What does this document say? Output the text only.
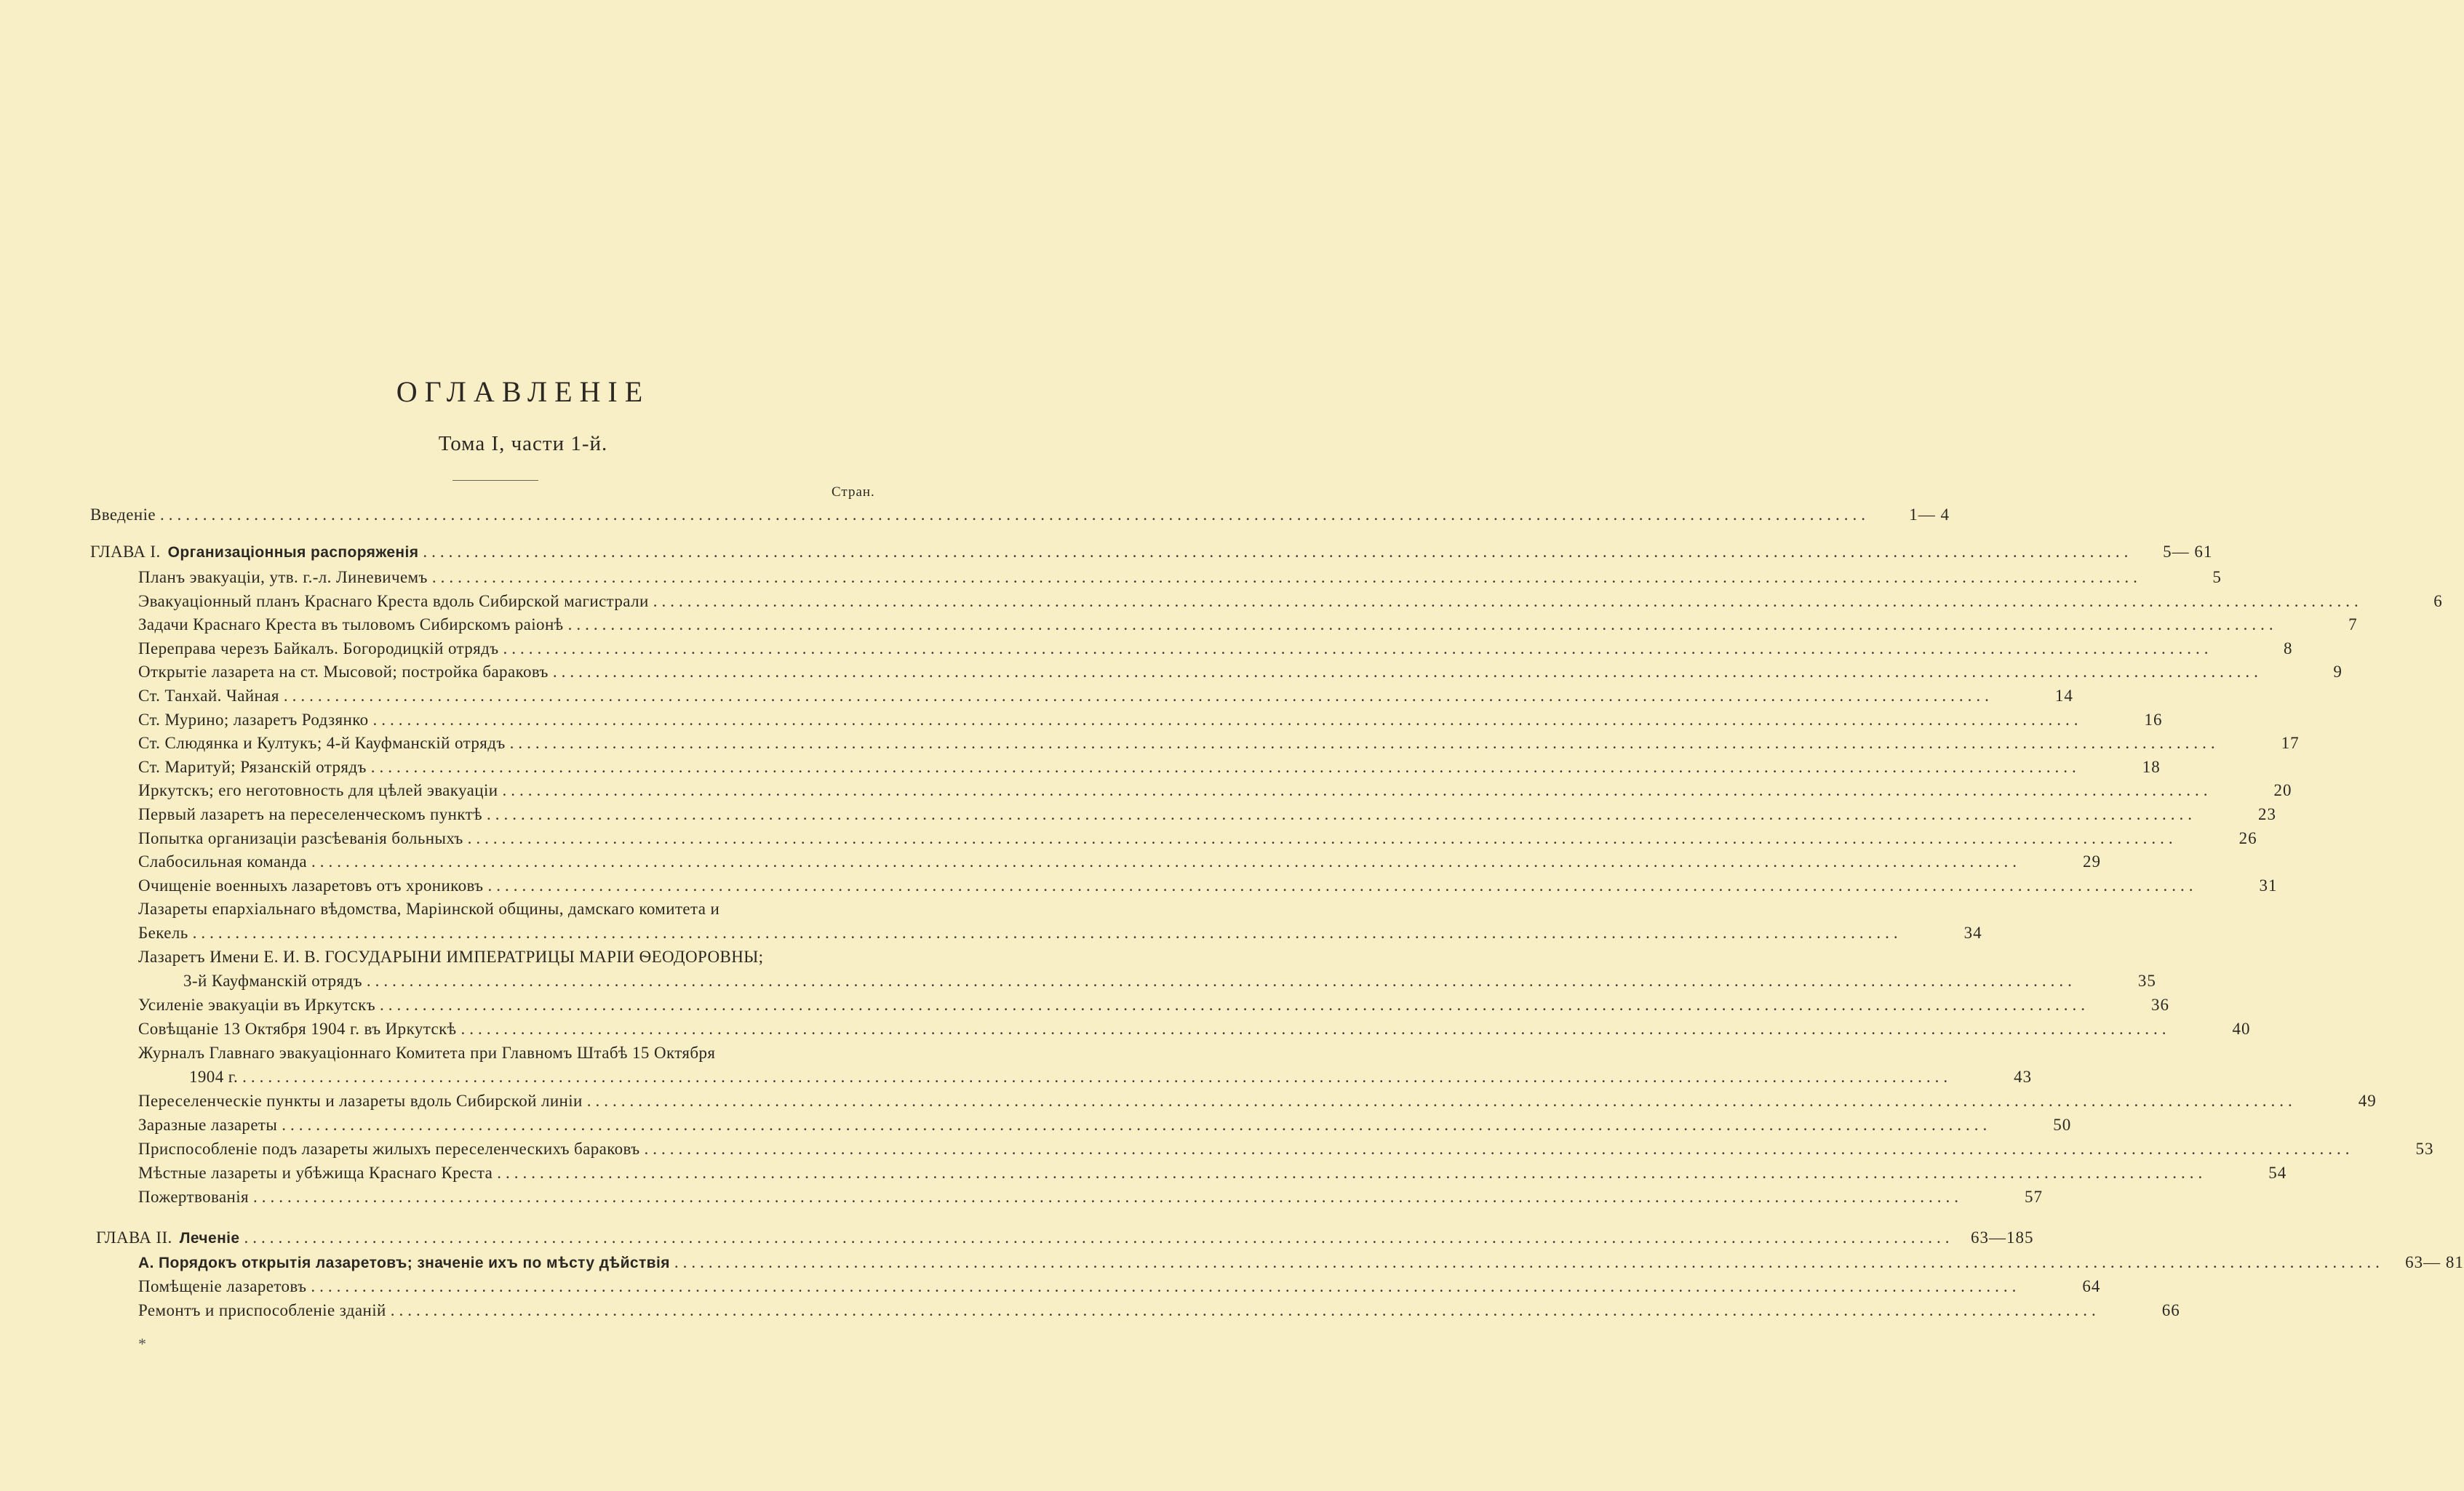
ОГЛАВЛЕНІЕ

Тома I, части 1-й.

Стран.
Введеніе ........................................................................................................................................................................................................	1— 4
ГЛАВА I. Организаціонныя распоряженія ........................................................................................................................................................................................................	5— 61
Планъ эвакуаціи, утв. г.-л. Линевичемъ ........................................................................................................................................................................................................	5
Эвакуаціонный планъ Краснаго Креста вдоль Сибирской магистрали ........................................................................................................................................................................................................	6
Задачи Краснаго Креста въ тыловомъ Сибирскомъ раіонѣ ........................................................................................................................................................................................................	7
Переправа черезъ Байкалъ. Богородицкій отрядъ ........................................................................................................................................................................................................	8
Открытіе лазарета на ст. Мысовой; постройка бараковъ ........................................................................................................................................................................................................	9
Ст. Танхай. Чайная ........................................................................................................................................................................................................	14
Ст. Мурино; лазаретъ Родзянко ........................................................................................................................................................................................................	16
Ст. Слюдянка и Култукъ; 4-й Кауфманскій отрядъ ........................................................................................................................................................................................................	17
Ст. Маритуй; Рязанскій отрядъ ........................................................................................................................................................................................................	18
Иркутскъ; его неготовность для цѣлей эвакуаціи ........................................................................................................................................................................................................	20
Первый лазаретъ на переселенческомъ пунктѣ ........................................................................................................................................................................................................	23
Попытка организаціи разсѣеванія больныхъ ........................................................................................................................................................................................................	26
Слабосильная команда ........................................................................................................................................................................................................	29
Очищеніе военныхъ лазаретовъ отъ хрониковъ ........................................................................................................................................................................................................	31
Лазареты епархіальнаго вѣдомства, Маріинской общины, дамскаго комитета и
Бекель ........................................................................................................................................................................................................	34
Лазаретъ Имени Е. И. В. ГОСУДАРЫНИ ИМПЕРАТРИЦЫ МАРІИ ѲЕОДОРОВНЫ;
3-й Кауфманскій отрядъ ........................................................................................................................................................................................................	35
Усиленіе эвакуаціи въ Иркутскъ ........................................................................................................................................................................................................	36
Совѣщаніе 13 Октября 1904 г. въ Иркутскѣ ........................................................................................................................................................................................................	40
Журналъ Главнаго эвакуаціоннаго Комитета при Главномъ Штабѣ 15 Октября
1904 г. ........................................................................................................................................................................................................	43
Переселенческіе пункты и лазареты вдоль Сибирской линіи ........................................................................................................................................................................................................	49
Заразные лазареты ........................................................................................................................................................................................................	50
Приспособленіе подъ лазареты жилыхъ переселенческихъ бараковъ ........................................................................................................................................................................................................	53
Мѣстные лазареты и убѣжища Краснаго Креста ........................................................................................................................................................................................................	54
Пожертвованія ........................................................................................................................................................................................................	57
ГЛАВА II. Леченіе ........................................................................................................................................................................................................	63—185
А. Порядокъ открытія лазаретовъ; значеніе ихъ по мѣсту дѣйствія ........................................................................................................................................................................................................	63— 81
Помѣщеніе лазаретовъ ........................................................................................................................................................................................................	64
Ремонтъ и приспособленіе зданій ........................................................................................................................................................................................................	66
*
